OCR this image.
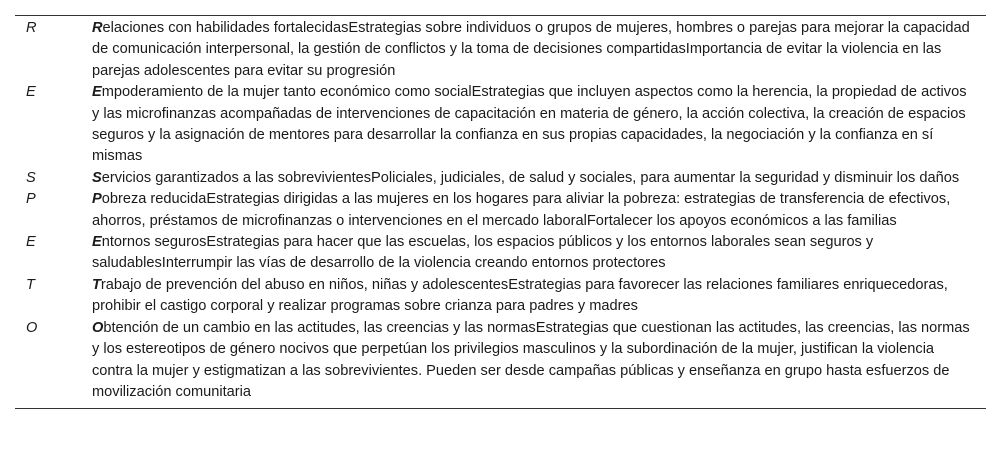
R	Relaciones con habilidades fortalecidasEstrategias sobre individuos o grupos de mujeres, hombres o parejas para mejorar la capacidad de comunicación interpersonal, la gestión de conflictos y la toma de decisiones compartidasImportancia de evitar la violencia en las parejas adolescentes para evitar su progresión
E	Empoderamiento de la mujer tanto económico como socialEstrategias que incluyen aspectos como la herencia, la propiedad de activos y las microfinanzas acompañadas de intervenciones de capacitación en materia de género, la acción colectiva, la creación de espacios seguros y la asignación de mentores para desarrollar la confianza en sus propias capacidades, la negociación y la confianza en sí mismas
S	Servicios garantizados a las sobrevivientesPoliciales, judiciales, de salud y sociales, para aumentar la seguridad y disminuir los daños
P	Pobreza reducidaEstrategias dirigidas a las mujeres en los hogares para aliviar la pobreza: estrategias de transferencia de efectivos, ahorros, préstamos de microfinanzas o intervenciones en el mercado laboralFortalecer los apoyos económicos a las familias
E	Entornos segurosEstrategias para hacer que las escuelas, los espacios públicos y los entornos laborales sean seguros y saludablesInterrumpir las vías de desarrollo de la violencia creando entornos protectores
T	Trabajo de prevención del abuso en niños, niñas y adolescentesEstrategias para favorecer las relaciones familiares enriquecedoras, prohibir el castigo corporal y realizar programas sobre crianza para padres y madres
O	Obtención de un cambio en las actitudes, las creencias y las normasEstrategias que cuestionan las actitudes, las creencias, las normas y los estereotipos de género nocivos que perpetúan los privilegios masculinos y la subordinación de la mujer, justifican la violencia contra la mujer y estigmatizan a las sobrevivientes. Pueden ser desde campañas públicas y enseñanza en grupo hasta esfuerzos de movilización comunitaria
